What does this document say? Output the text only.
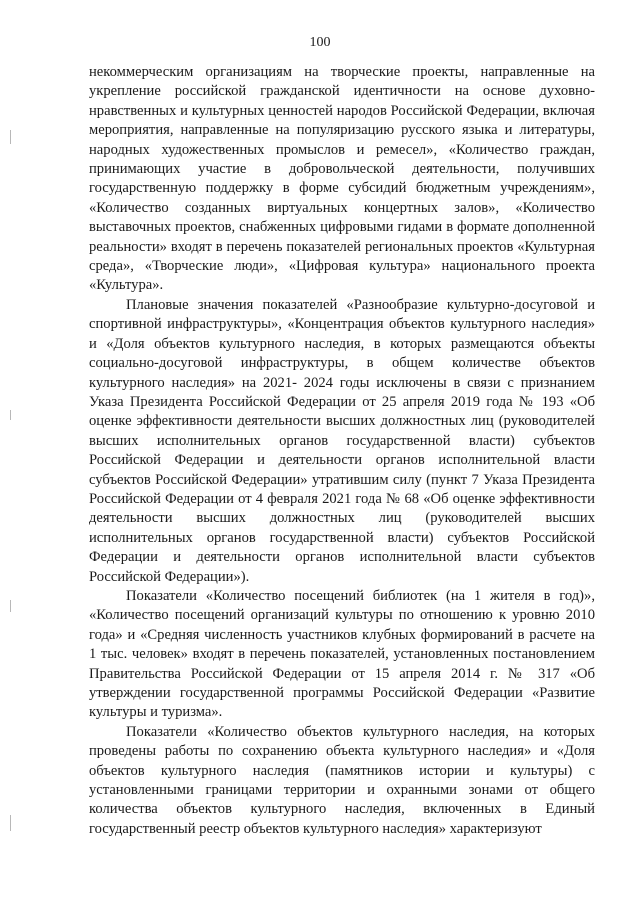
100

некоммерческим организациям на творческие проекты, направленные на укрепление российской гражданской идентичности на основе духовно-нравственных и культурных ценностей народов Российской Федерации, включая мероприятия, направленные на популяризацию русского языка и литературы, народных художественных промыслов и ремесел», «Количество граждан, принимающих участие в добровольческой деятельности, получивших государственную поддержку в форме субсидий бюджетным учреждениям», «Количество созданных виртуальных концертных залов», «Количество выставочных проектов, снабженных цифровыми гидами в формате дополненной реальности» входят в перечень показателей региональных проектов «Культурная среда», «Творческие люди», «Цифровая культура» национального проекта «Культура».

Плановые значения показателей «Разнообразие культурно-досуговой и спортивной инфраструктуры», «Концентрация объектов культурного наследия» и «Доля объектов культурного наследия, в которых размещаются объекты социально-досуговой инфраструктуры, в общем количестве объектов культурного наследия» на 2021- 2024 годы исключены в связи с признанием Указа Президента Российской Федерации от 25 апреля 2019 года № 193 «Об оценке эффективности деятельности высших должностных лиц (руководителей высших исполнительных органов государственной власти) субъектов Российской Федерации и деятельности органов исполнительной власти субъектов Российской Федерации» утратившим силу (пункт 7 Указа Президента Российской Федерации от 4 февраля 2021 года № 68 «Об оценке эффективности деятельности высших должностных лиц (руководителей высших исполнительных органов государственной власти) субъектов Российской Федерации и деятельности органов исполнительной власти субъектов Российской Федерации»).

Показатели «Количество посещений библиотек (на 1 жителя в год)», «Количество посещений организаций культуры по отношению к уровню 2010 года» и «Средняя численность участников клубных формирований в расчете на 1 тыс. человек» входят в перечень показателей, установленных постановлением Правительства Российской Федерации от 15 апреля 2014 г. № 317 «Об утверждении государственной программы Российской Федерации «Развитие культуры и туризма».

Показатели «Количество объектов культурного наследия, на которых проведены работы по сохранению объекта культурного наследия» и «Доля объектов культурного наследия (памятников истории и культуры) с установленными границами территории и охранными зонами от общего количества объектов культурного наследия, включенных в Единый государственный реестр объектов культурного наследия» характеризуют
